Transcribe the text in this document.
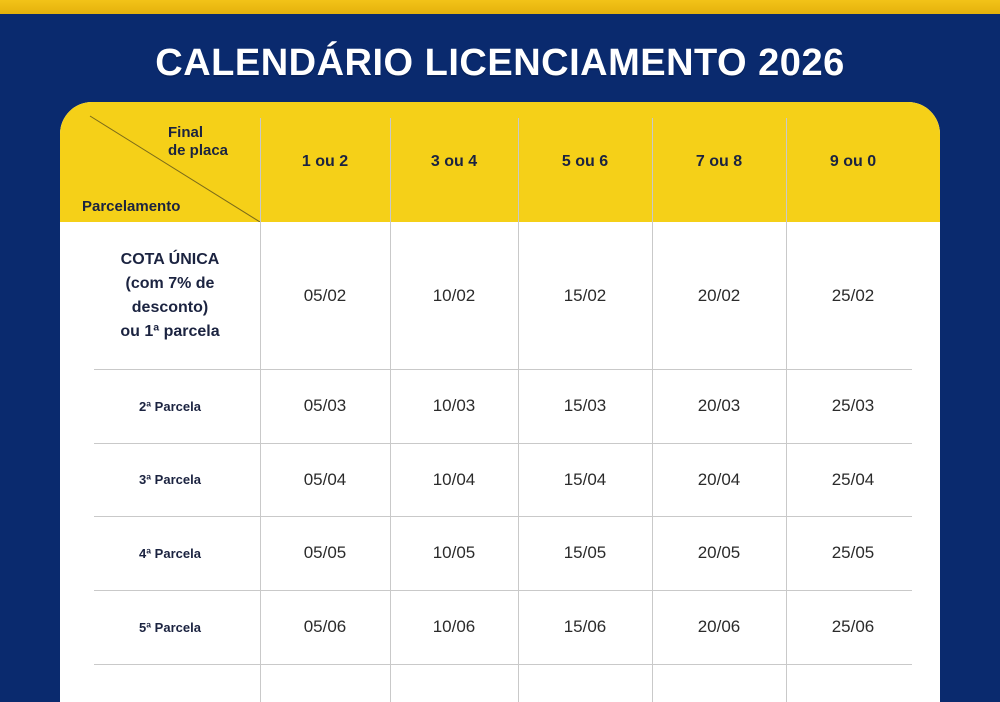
CALENDÁRIO LICENCIAMENTO 2026
Final
de placa
Parcelamento
1 ou 2	3 ou 4	5 ou 6	7 ou 8	9 ou 0
COTA ÚNICA
(com 7% de
desconto)
ou 1ª parcela
05/02	10/02	15/02	20/02	25/02
2ª Parcela	05/03	10/03	15/03	20/03	25/03
3ª Parcela	05/04	10/04	15/04	20/04	25/04
4ª Parcela	05/05	10/05	15/05	20/05	25/05
5ª Parcela	05/06	10/06	15/06	20/06	25/06
